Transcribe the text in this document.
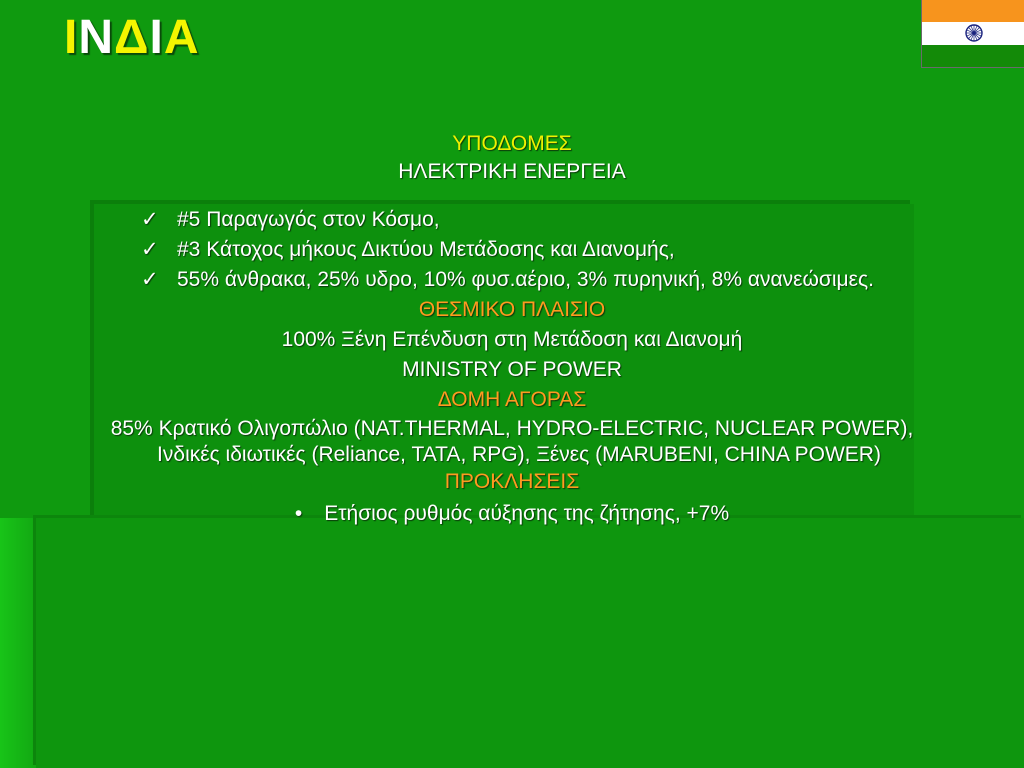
INΔIA
ΥΠΟΔΟΜΕΣ
ΗΛΕΚΤΡΙΚΗ ΕΝΕΡΓΕΙΑ
✓ #5 Παραγωγός στον Κόσμο,
✓ #3 Κάτοχος μήκους Δικτύου Μετάδοσης και Διανομής,
✓ 55% άνθρακα, 25% υδρο, 10% φυσ.αέριο, 3% πυρηνική, 8% ανανεώσιμες.
ΘΕΣΜΙΚΟ ΠΛΑΙΣΙΟ
100% Ξένη Επένδυση στη Μετάδοση και Διανομή
MINISTRY OF POWER
ΔΟΜΗ ΑΓΟΡΑΣ
85% Κρατικό Ολιγοπώλιο (NAT.THERMAL, HYDRO-ELECTRIC, NUCLEAR POWER), Ινδικές ιδιωτικές (Reliance, TATA, RPG), Ξένες (MARUBENI, CHINA POWER)
ΠΡΟΚΛΗΣΕΙΣ
• Ετήσιος ρυθμός αύξησης της ζήτησης, +7%
